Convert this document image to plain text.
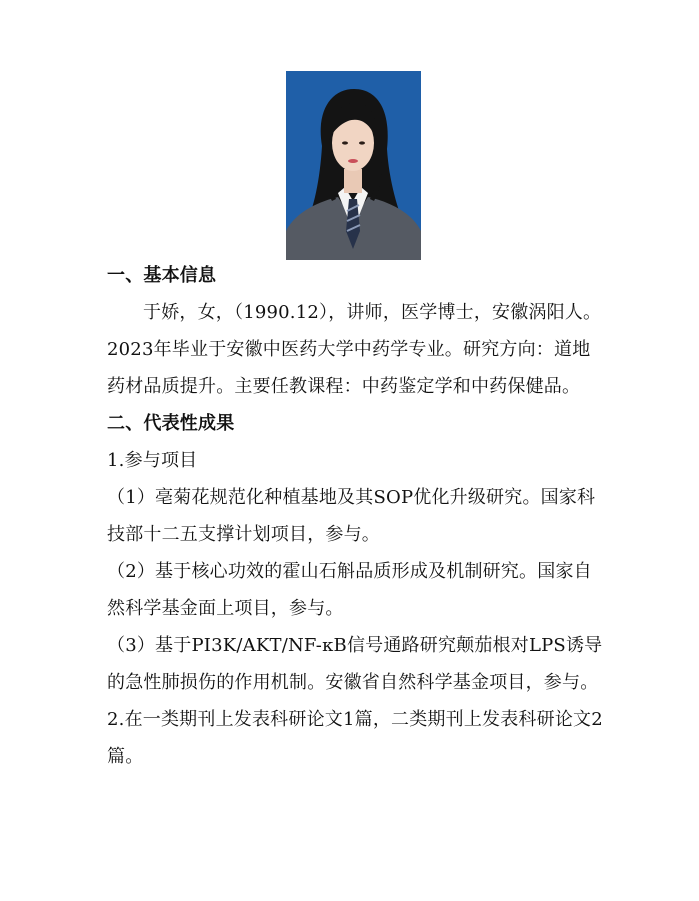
一、基本信息

于娇，女，（1990.12），讲师，医学博士，安徽涡阳人。2023年毕业于安徽中医药大学中药学专业。研究方向：道地药材品质提升。主要任教课程：中药鉴定学和中药保健品。

二、代表性成果

1.参与项目

（1）亳菊花规范化种植基地及其SOP优化升级研究。国家科技部十二五支撑计划项目，参与。

（2）基于核心功效的霍山石斛品质形成及机制研究。国家自然科学基金面上项目，参与。

（3）基于PI3K/AKT/NF-κB信号通路研究颠茄根对LPS诱导的急性肺损伤的作用机制。安徽省自然科学基金项目，参与。

2.在一类期刊上发表科研论文1篇，二类期刊上发表科研论文2篇。
